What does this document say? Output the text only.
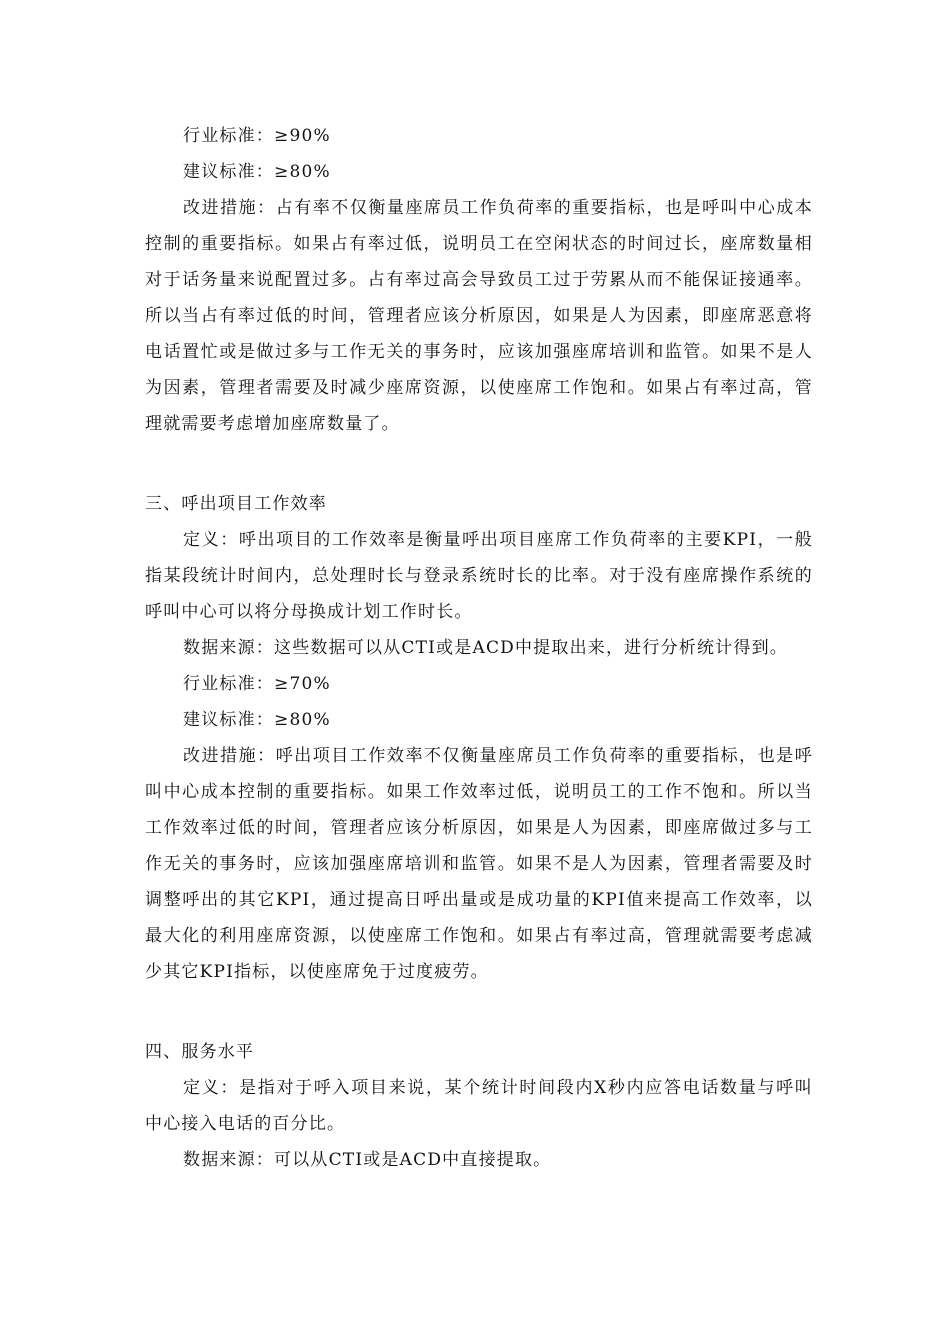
行业标准：≥90%
建议标准：≥80%
改进措施：占有率不仅衡量座席员工作负荷率的重要指标，也是呼叫中心成本控制的重要指标。如果占有率过低，说明员工在空闲状态的时间过长，座席数量相对于话务量来说配置过多。占有率过高会导致员工过于劳累从而不能保证接通率。所以当占有率过低的时间，管理者应该分析原因，如果是人为因素，即座席恶意将电话置忙或是做过多与工作无关的事务时，应该加强座席培训和监管。如果不是人为因素，管理者需要及时减少座席资源，以使座席工作饱和。如果占有率过高，管理就需要考虑增加座席数量了。
三、呼出项目工作效率
定义：呼出项目的工作效率是衡量呼出项目座席工作负荷率的主要KPI，一般指某段统计时间内，总处理时长与登录系统时长的比率。对于没有座席操作系统的呼叫中心可以将分母换成计划工作时长。
数据来源：这些数据可以从CTI或是ACD中提取出来，进行分析统计得到。
行业标准：≥70%
建议标准：≥80%
改进措施：呼出项目工作效率不仅衡量座席员工作负荷率的重要指标，也是呼叫中心成本控制的重要指标。如果工作效率过低，说明员工的工作不饱和。所以当工作效率过低的时间，管理者应该分析原因，如果是人为因素，即座席做过多与工作无关的事务时，应该加强座席培训和监管。如果不是人为因素，管理者需要及时调整呼出的其它KPI，通过提高日呼出量或是成功量的KPI值来提高工作效率，以最大化的利用座席资源，以使座席工作饱和。如果占有率过高，管理就需要考虑减少其它KPI指标，以使座席免于过度疲劳。
四、服务水平
定义：是指对于呼入项目来说，某个统计时间段内X秒内应答电话数量与呼叫中心接入电话的百分比。
数据来源：可以从CTI或是ACD中直接提取。
